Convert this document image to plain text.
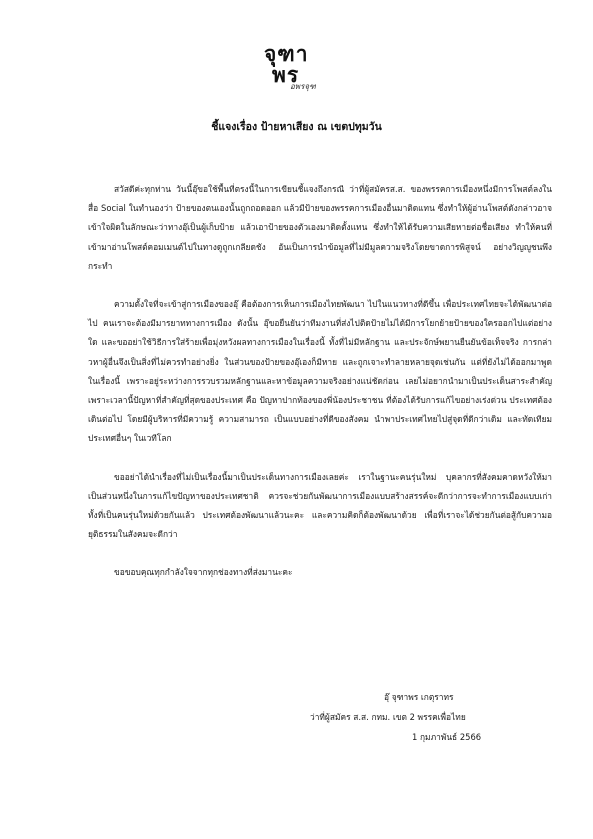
จุฑา
พร
อพรจุฑ
ชี้แจงเรื่อง ป้ายหาเสียง ณ เขตปทุมวัน

สวัสดีค่ะทุกท่าน วันนี้อุ๊ขอใช้พื้นที่ตรงนี้ในการเขียนชี้แจงถึงกรณี ว่าที่ผู้สมัครส.ส. ของพรรคการเมืองหนึ่งมีการโพสต์ลงในสื่อ Social ในทำนองว่า ป้ายของตนเองนั้นถูกถอดออก แล้วมีป้ายของพรรคการเมืองอื่นมาติดแทน ซึ่งทำให้ผู้อ่านโพสต์ดังกล่าวอาจเข้าใจผิดในลักษณะว่าทางอุ๊เป็นผู้เก็บป้าย แล้วเอาป้ายของตัวเองมาติดตั้งแทน ซึ่งทำให้ได้รับความเสียหายต่อชื่อเสียง ทำให้คนที่เข้ามาอ่านโพสต์คอมเมนต์ไปในทางดูถูกเกลียดชัง อันเป็นการนำข้อมูลที่ไม่มีมูลความจริงโดยขาดการพิสูจน์ อย่างวิญญูชนพึงกระทำ

ความตั้งใจที่จะเข้าสู่การเมืองของอุ๊ คือต้องการเห็นการเมืองไทยพัฒนา ไปในแนวทางที่ดีขึ้น เพื่อประเทศไทยจะได้พัฒนาต่อไป คนเราจะต้องมีมารยาททางการเมือง ดังนั้น อุ๊ขอยืนยันว่าทีมงานที่ส่งไปติดป้ายไม่ได้มีการโยกย้ายป้ายของใครออกไปแต่อย่างใด และขออย่าใช้วิธีการใส่ร้ายเพื่อมุ่งหวังผลทางการเมืองในเรื่องนี้ ทั้งที่ไม่มีหลักฐาน และประจักษ์พยานยืนยันข้อเท็จจริง การกล่าวหาผู้อื่นจึงเป็นสิ่งที่ไม่ควรทำอย่างยิ่ง ในส่วนของป้ายของอุ๊เองก็มีหาย และถูกเจาะทำลายหลายจุดเช่นกัน แต่ที่ยังไม่ได้ออกมาพูดในเรื่องนี้ เพราะอยู่ระหว่างการรวบรวมหลักฐานและหาข้อมูลความจริงอย่างแน่ชัดก่อน เลยไม่อยากนำมาเป็นประเด็นสาระสำคัญ เพราะเวลานี้ปัญหาที่สำคัญที่สุดของประเทศ คือ ปัญหาปากท้องของพี่น้องประชาชน ที่ต้องได้รับการแก้ไขอย่างเร่งด่วน ประเทศต้องเดินต่อไป โดยมีผู้บริหารที่มีความรู้ ความสามารถ เป็นแบบอย่างที่ดีของสังคม นำพาประเทศไทยไปสู่จุดที่ดีกว่าเดิม และทัดเทียมประเทศอื่นๆ ในเวทีโลก

ขออย่าได้นำเรื่องที่ไม่เป็นเรื่องนี้มาเป็นประเด็นทางการเมืองเลยค่ะ เราในฐานะคนรุ่นใหม่ บุคลากรที่สังคมคาดหวังให้มาเป็นส่วนหนึ่งในการแก้ไขปัญหาของประเทศชาติ ควรจะช่วยกันพัฒนาการเมืองแบบสร้างสรรค์จะดีกว่าการจะทำการเมืองแบบเก่า ทั้งที่เป็นคนรุ่นใหม่ด้วยกันแล้ว ประเทศต้องพัฒนาแล้วนะคะ และความคิดก็ต้องพัฒนาด้วย เพื่อที่เราจะได้ช่วยกันต่อสู้กับความอยุติธรรมในสังคมจะดีกว่า

ขอขอบคุณทุกกำลังใจจากทุกช่องทางที่ส่งมานะคะ

อุ๊ จุฑาพร เกตุราทร
ว่าที่ผู้สมัคร ส.ส. กทม. เขต 2 พรรคเพื่อไทย
1 กุมภาพันธ์ 2566
